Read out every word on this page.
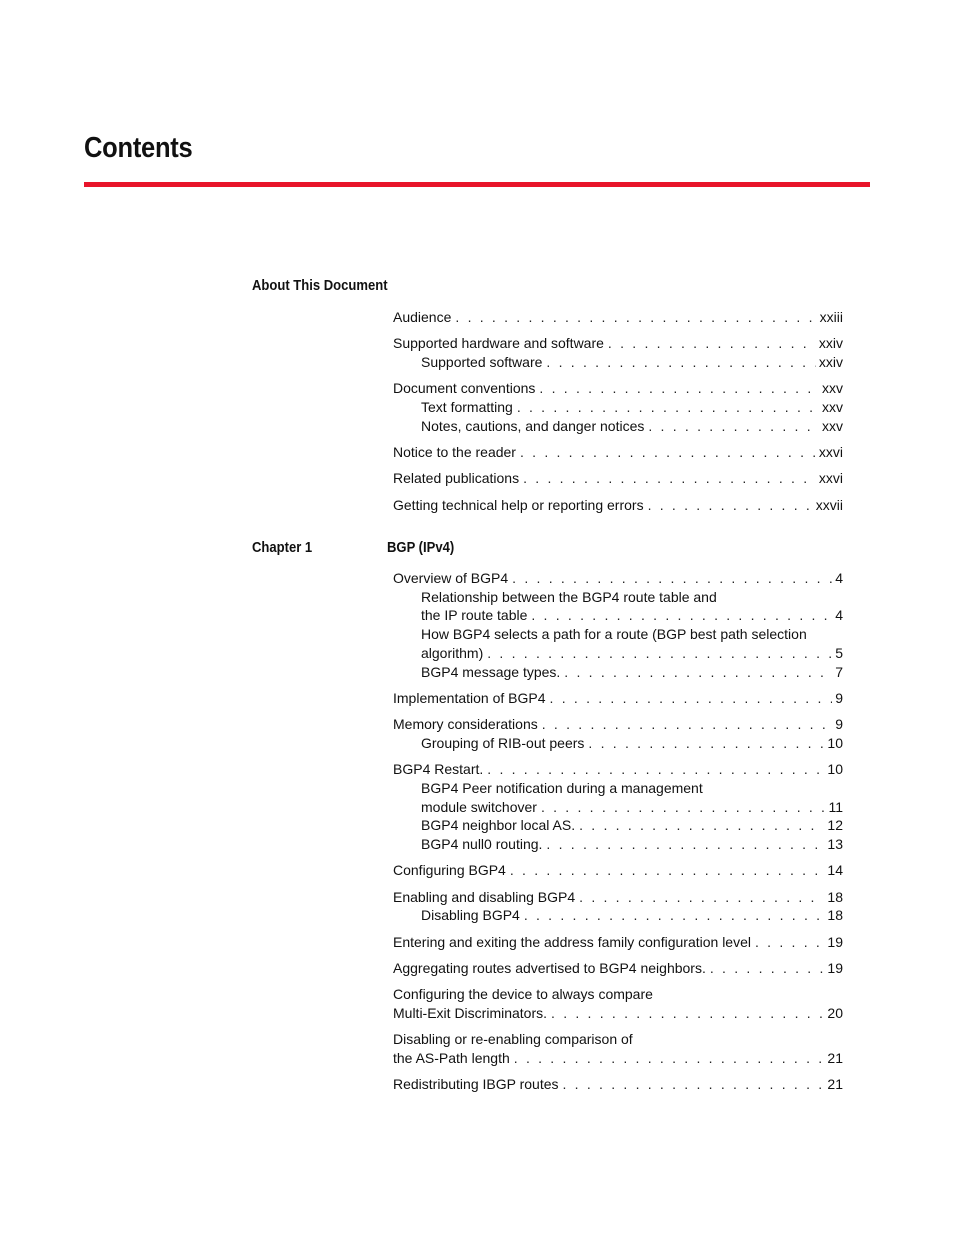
Contents
About This Document
Audience . . .	xxiii
Supported hardware and software . . .	xxiv
Supported software . . .	xxiv
Document conventions . . .	xxv
Text formatting . . .	xxv
Notes, cautions, and danger notices . . .	xxv
Notice to the reader . . .	xxvi
Related publications . . .	xxvi
Getting technical help or reporting errors . . .	xxvii
Chapter 1	BGP (IPv4)
Overview of BGP4 . . .	4
Relationship between the BGP4 route table and
the IP route table . . .	4
How BGP4 selects a path for a route (BGP best path selection
algorithm) . . .	5
BGP4 message types. . . .	7
Implementation of BGP4 . . .	9
Memory considerations . . .	9
Grouping of RIB-out peers . . .	10
BGP4 Restart. . . .	10
BGP4 Peer notification during a management
module switchover . . .	11
BGP4 neighbor local AS. . . .	12
BGP4 null0 routing. . . .	13
Configuring BGP4 . . .	14
Enabling and disabling BGP4 . . .	18
Disabling BGP4 . . .	18
Entering and exiting the address family configuration level . . .	19
Aggregating routes advertised to BGP4 neighbors. . . .	19
Configuring the device to always compare
Multi-Exit Discriminators. . . .	20
Disabling or re-enabling comparison of
the AS-Path length . . .	21
Redistributing IBGP routes . . .	21
